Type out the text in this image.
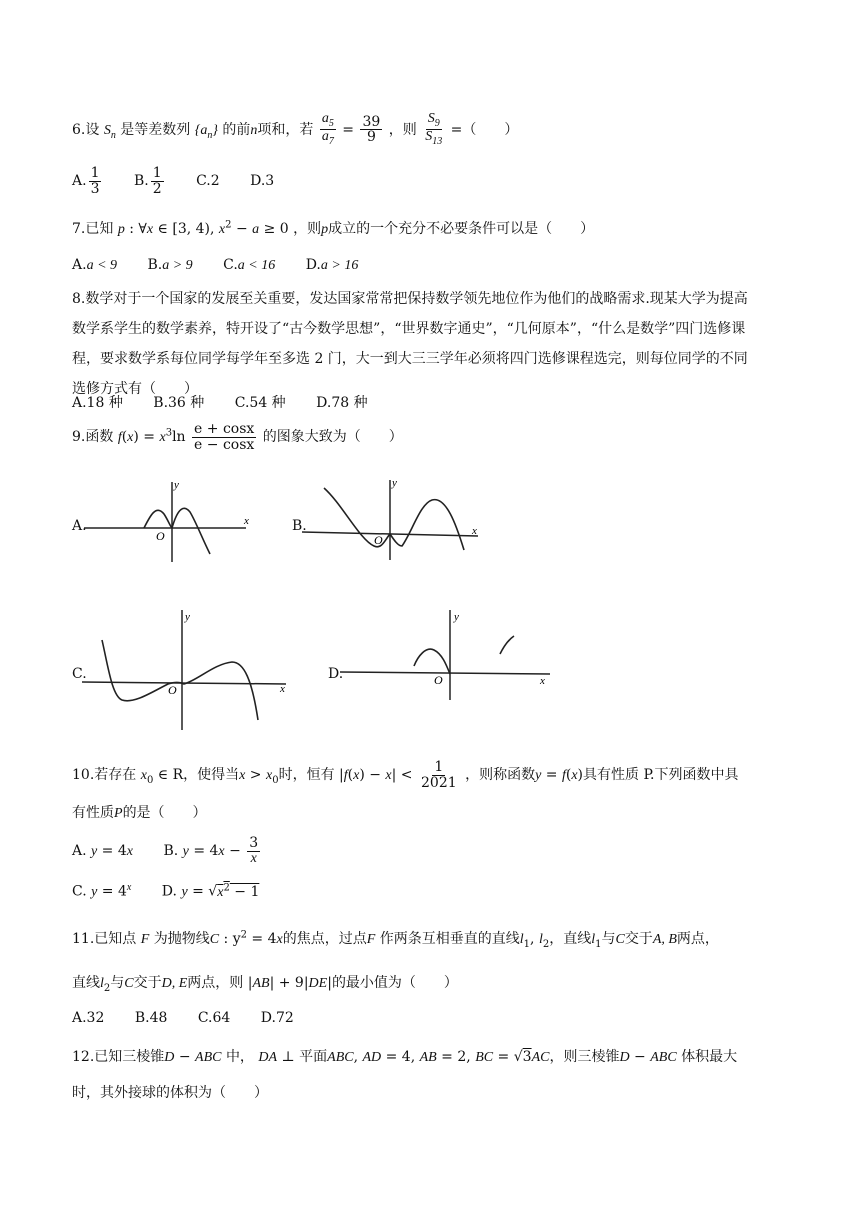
6.设 $S_n$ 是等差数列 $\{a_n\}$ 的前n项和，若 $\frac{a_5}{a_7} = \frac{39}{9}$ ，则 $\frac{S_9}{S_{13}}$ =（　　）
A. $\frac{1}{3} B$. $\frac{1}{2} C.2$ D.3
7.已知 p : ∀x ∈ [3, 4), $x^2 - a \ge 0$ ，则p成立的一个充分不必要条件可以是（　　）
A.a < 9 B.a > 9 C.a < 16 D.a > 16
8.数学对于一个国家的发展至关重要，发达国家常常把保持数学领先地位作为他们的战略需求.现某大学为提高
数学系学生的数学素养，特开设了“古今数学思想”，“世界数字通史”，“几何原本”，“什么是数学”四门选修课
程，要求数学系每位同学每学年至多选 2 门，大一到大三三学年必须将四门选修课程选完，则每位同学的不同
选修方式有（　　）
A.18 种 B.36 种 C.54 种 D.78 种
9.函数 $f(x) = x^3\ln \frac{e + \cos x}{e - \cos x}$ 的图象大致为（　　）
A.
y
x
O
B.
y
x
O
C.
y
x
O
D.
y
x
O
10.若存在 $x_0$ ∈ R，使得当$x > x_0$时，恒有 $|f(x) - x| < \frac{1}{2021}$ ，则称函数y = f(x)具有性质 P.下列函数中具
有性质P的是（　　）
A. y = 4x B. $y = 4x - \frac{3}{x}$
C. $y = 4^x$ D. $y = √x^2 - 1$
11.已知点 F 为抛物线C : $y^2 = 4x$的焦点，过点F 作两条互相垂直的直线$l_1$, $l_2$，直线$l_1$与C交于A, B两点，
直线$l_2$与C交于D, E两点，则 |AB| + 9|DE|的最小值为（　　）
A.32 B.48 C.64 D.72
12.已知三棱锥D − ABC 中， DA ⊥ 平面ABC, AD = 4, AB = 2, BC = √3AC，则三棱锥D − ABC 体积最大
时，其外接球的体积为（　　）
